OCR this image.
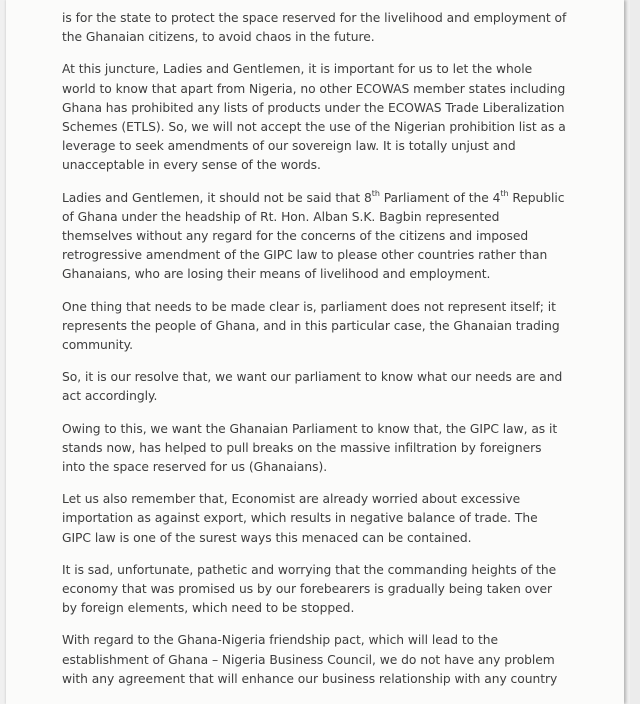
is for the state to protect the space reserved for the livelihood and employment of the Ghanaian citizens, to avoid chaos in the future.

At this juncture, Ladies and Gentlemen, it is important for us to let the whole world to know that apart from Nigeria, no other ECOWAS member states including Ghana has prohibited any lists of products under the ECOWAS Trade Liberalization Schemes (ETLS). So, we will not accept the use of the Nigerian prohibition list as a leverage to seek amendments of our sovereign law. It is totally unjust and unacceptable in every sense of the words.

Ladies and Gentlemen, it should not be said that 8th Parliament of the 4th Republic of Ghana under the headship of Rt. Hon. Alban S.K. Bagbin represented themselves without any regard for the concerns of the citizens and imposed retrogressive amendment of the GIPC law to please other countries rather than Ghanaians, who are losing their means of livelihood and employment.

One thing that needs to be made clear is, parliament does not represent itself; it represents the people of Ghana, and in this particular case, the Ghanaian trading community.

So, it is our resolve that, we want our parliament to know what our needs are and act accordingly.

Owing to this, we want the Ghanaian Parliament to know that, the GIPC law, as it stands now, has helped to pull breaks on the massive infiltration by foreigners into the space reserved for us (Ghanaians).

Let us also remember that, Economist are already worried about excessive importation as against export, which results in negative balance of trade. The GIPC law is one of the surest ways this menaced can be contained.

It is sad, unfortunate, pathetic and worrying that the commanding heights of the economy that was promised us by our forebearers is gradually being taken over by foreign elements, which need to be stopped.

With regard to the Ghana-Nigeria friendship pact, which will lead to the establishment of Ghana – Nigeria Business Council, we do not have any problem with any agreement that will enhance our business relationship with any country
